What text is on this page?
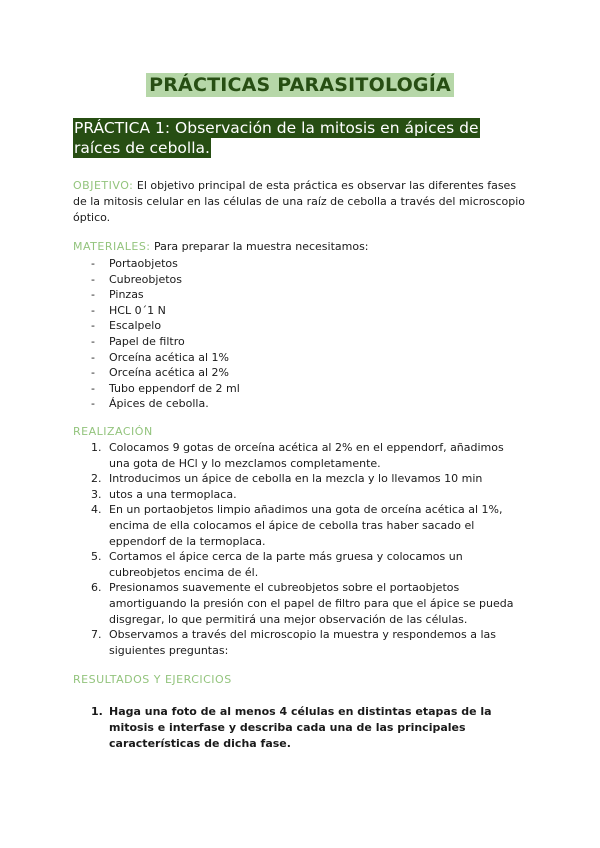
PRÁCTICAS PARASITOLOGÍA
PRÁCTICA 1: Observación de la mitosis en ápices de raíces de cebolla.
OBJETIVO: El objetivo principal de esta práctica es observar las diferentes fases de la mitosis celular en las células de una raíz de cebolla a través del microscopio óptico.
MATERIALES: Para preparar la muestra necesitamos:
- Portaobjetos
- Cubreobjetos
- Pinzas
- HCL 0´1 N
- Escalpelo
- Papel de filtro
- Orceína acética al 1%
- Orceína acética al 2%
- Tubo eppendorf de 2 ml
- Ápices de cebolla.
REALIZACIÓN
1. Colocamos 9 gotas de orceína acética al 2% en el eppendorf, añadimos una gota de HCl y lo mezclamos completamente.
2. Introducimos un ápice de cebolla en la mezcla y lo llevamos 10 min
3. utos a una termoplaca.
4. En un portaobjetos limpio añadimos una gota de orceína acética al 1%, encima de ella colocamos el ápice de cebolla tras haber sacado el eppendorf de la termoplaca.
5. Cortamos el ápice cerca de la parte más gruesa y colocamos un cubreobjetos encima de él.
6. Presionamos suavemente el cubreobjetos sobre el portaobjetos amortiguando la presión con el papel de filtro para que el ápice se pueda disgregar, lo que permitirá una mejor observación de las células.
7. Observamos a través del microscopio la muestra y respondemos a las siguientes preguntas:
RESULTADOS Y EJERCICIOS
1. Haga una foto de al menos 4 células en distintas etapas de la mitosis e interfase y describa cada una de las principales características de dicha fase.
